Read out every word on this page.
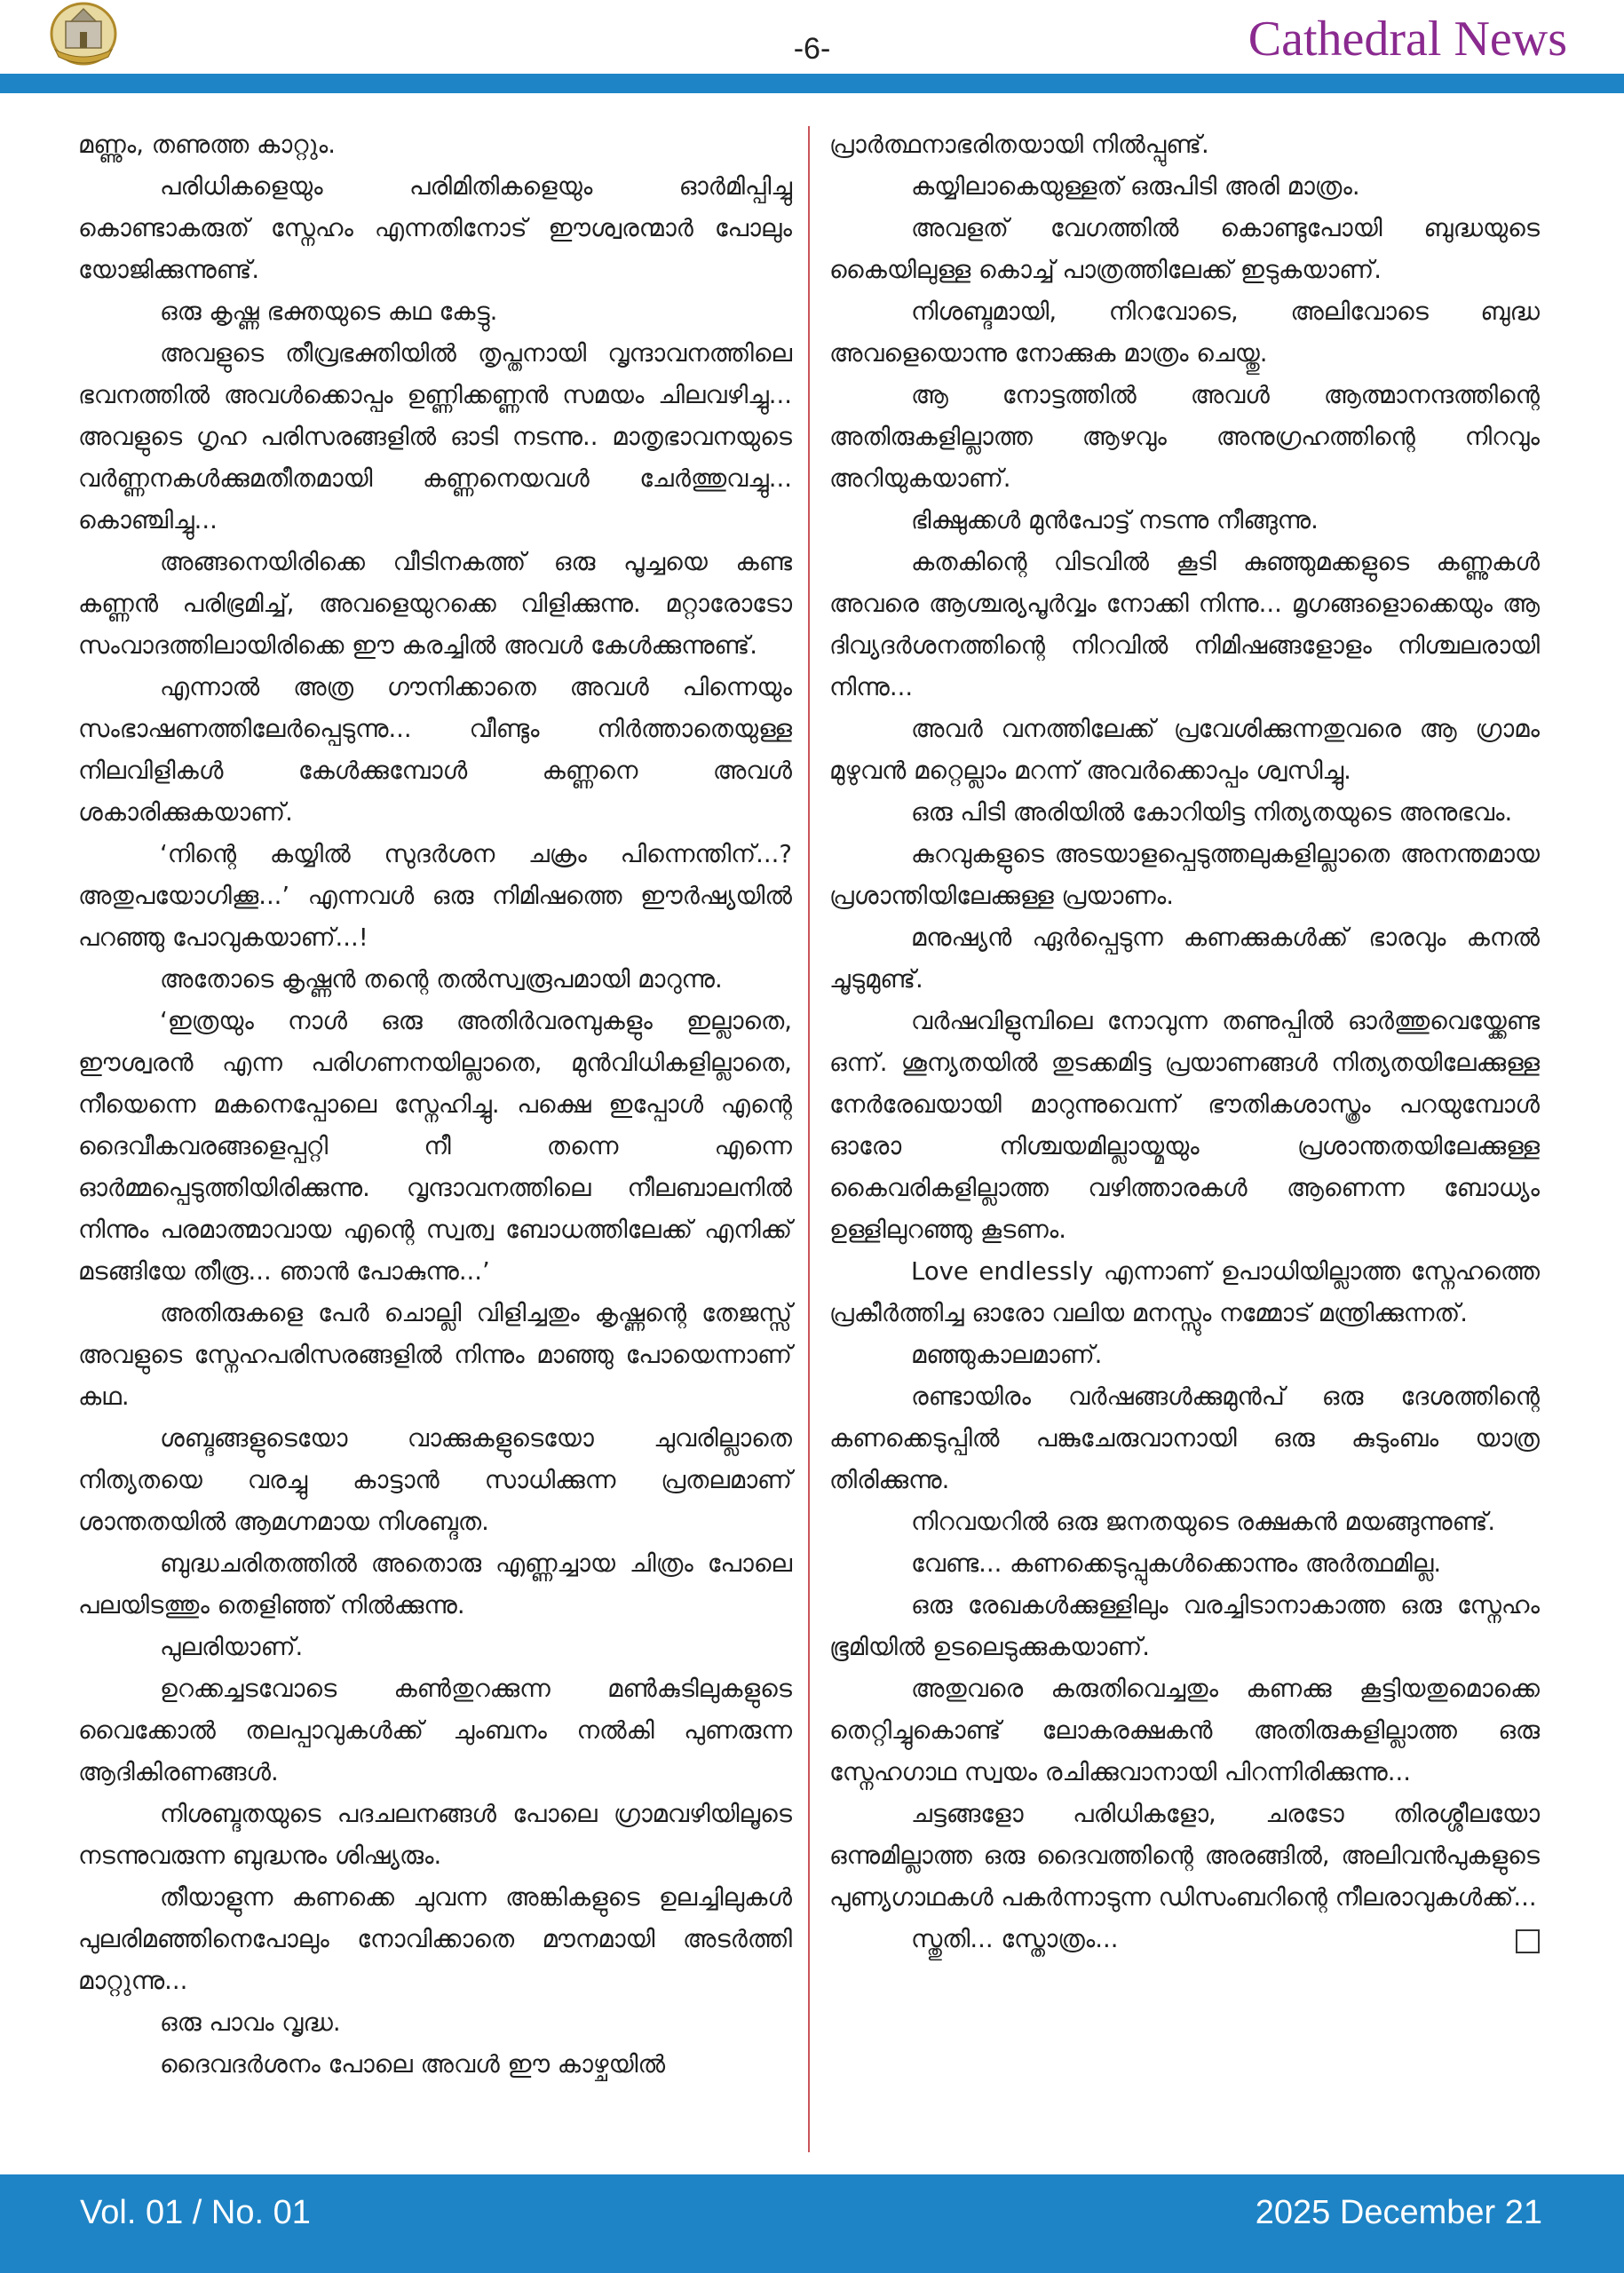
-6-	Cathedral News

മണ്ണും, തണുത്ത കാറ്റും.

പരിധികളെയും പരിമിതികളെയും ഓർമിപ്പിച്ചു കൊണ്ടാകരുത് സ്നേഹം എന്നതിനോട് ഈശ്വരന്മാർ പോലും യോജിക്കുന്നുണ്ട്.

ഒരു കൃഷ്ണ ഭക്തയുടെ കഥ കേട്ടു.

അവളുടെ തീവ്രഭക്തിയിൽ തൃപ്തനായി വൃന്ദാവനത്തിലെ ഭവനത്തിൽ അവൾക്കൊപ്പം ഉണ്ണിക്കണ്ണൻ സമയം ചിലവഴിച്ചു... അവളുടെ ഗൃഹ പരിസരങ്ങളിൽ ഓടി നടന്നു.. മാതൃഭാവനയുടെ വർണ്ണനകൾക്കുമതീതമായി കണ്ണനെയവൾ ചേർത്തുവച്ചു... കൊഞ്ചിച്ചു...

അങ്ങനെയിരിക്കെ വീടിനകത്ത് ഒരു പൂച്ചയെ കണ്ട കണ്ണൻ പരിഭ്രമിച്ച്, അവളെയുറക്കെ വിളിക്കുന്നു. മറ്റാരോടോ സംവാദത്തിലായിരിക്കെ ഈ കരച്ചിൽ അവൾ കേൾക്കുന്നുണ്ട്.

എന്നാൽ അത്ര ഗൗനിക്കാതെ അവൾ പിന്നെയും സംഭാഷണത്തിലേർപ്പെടുന്നു... വീണ്ടും നിർത്താതെയുള്ള നിലവിളികൾ കേൾക്കുമ്പോൾ കണ്ണനെ അവൾ ശകാരിക്കുകയാണ്.

‘നിന്റെ കയ്യിൽ സുദർശന ചക്രം പിന്നെന്തിന്...? അതുപയോഗിക്കൂ...’ എന്നവൾ ഒരു നിമിഷത്തെ ഈർഷ്യയിൽ പറഞ്ഞു പോവുകയാണ്...!

അതോടെ കൃഷ്ണൻ തന്റെ തൽസ്വരൂപമായി മാറുന്നു.

‘ഇത്രയും നാൾ ഒരു അതിർവരമ്പുകളും ഇല്ലാതെ, ഈശ്വരൻ എന്ന പരിഗണനയില്ലാതെ, മുൻവിധികളില്ലാതെ, നീയെന്നെ മകനെപ്പോലെ സ്നേഹിച്ചു. പക്ഷെ ഇപ്പോൾ എന്റെ ദൈവീകവരങ്ങളെപ്പറ്റി നീ തന്നെ എന്നെ ഓർമ്മപ്പെടുത്തിയിരിക്കുന്നു. വൃന്ദാവനത്തിലെ നീലബാലനിൽ നിന്നും പരമാത്മാവായ എന്റെ സ്വത്വ ബോധത്തിലേക്ക് എനിക്ക് മടങ്ങിയേ തീരൂ... ഞാൻ പോകുന്നു...’

അതിരുകളെ പേർ ചൊല്ലി വിളിച്ചതും കൃഷ്ണന്റെ തേജസ്സ് അവളുടെ സ്നേഹപരിസരങ്ങളിൽ നിന്നും മാഞ്ഞു പോയെന്നാണ് കഥ.

ശബ്ദങ്ങളുടെയോ വാക്കുകളുടെയോ ചുവരില്ലാതെ നിത്യതയെ വരച്ചു കാട്ടാൻ സാധിക്കുന്ന പ്രതലമാണ് ശാന്തതയിൽ ആമഗ്നമായ നിശബ്ദത.

ബുദ്ധചരിതത്തിൽ അതൊരു എണ്ണച്ചായ ചിത്രം പോലെ പലയിടത്തും തെളിഞ്ഞ് നിൽക്കുന്നു.

പുലരിയാണ്.

ഉറക്കച്ചടവോടെ കൺതുറക്കുന്ന മൺകുടിലുകളുടെ വൈക്കോൽ തലപ്പാവുകൾക്ക് ചുംബനം നൽകി പുണരുന്ന ആദികിരണങ്ങൾ.

നിശബ്ദതയുടെ പദചലനങ്ങൾ പോലെ ഗ്രാമവഴിയിലൂടെ നടന്നുവരുന്ന ബുദ്ധനും ശിഷ്യരും.

തീയാളുന്ന കണക്കെ ചുവന്ന അങ്കികളുടെ ഉലച്ചിലുകൾ പുലരിമഞ്ഞിനെപോലും നോവിക്കാതെ മൗനമായി അടർത്തി മാറ്റുന്നു...

ഒരു പാവം വൃദ്ധ.

ദൈവദർശനം പോലെ അവൾ ഈ കാഴ്ചയിൽ

പ്രാർത്ഥനാഭരിതയായി നിൽപ്പുണ്ട്.

കയ്യിലാകെയുള്ളത് ഒരുപിടി അരി മാത്രം.

അവളത് വേഗത്തിൽ കൊണ്ടുപോയി ബുദ്ധയുടെ കൈയിലുള്ള കൊച്ച് പാത്രത്തിലേക്ക് ഇടുകയാണ്.

നിശബ്ദമായി, നിറവോടെ, അലിവോടെ ബുദ്ധ അവളെയൊന്നു നോക്കുക മാത്രം ചെയ്തു.

ആ നോട്ടത്തിൽ അവൾ ആത്മാനന്ദത്തിന്റെ അതിരുകളില്ലാത്ത ആഴവും അനുഗ്രഹത്തിന്റെ നിറവും അറിയുകയാണ്.

ഭിക്ഷുക്കൾ മുൻപോട്ട് നടന്നു നീങ്ങുന്നു.

കതകിന്റെ വിടവിൽ കൂടി കുഞ്ഞുമക്കളുടെ കണ്ണുകൾ അവരെ ആശ്ചര്യപൂർവ്വം നോക്കി നിന്നു... മൃഗങ്ങളൊക്കെയും ആ ദിവ്യദർശനത്തിന്റെ നിറവിൽ നിമിഷങ്ങളോളം നിശ്ചലരായി നിന്നു...

അവർ വനത്തിലേക്ക് പ്രവേശിക്കുന്നതുവരെ ആ ഗ്രാമം മുഴുവൻ മറ്റെല്ലാം മറന്ന് അവർക്കൊപ്പം ശ്വസിച്ചു.

ഒരു പിടി അരിയിൽ കോറിയിട്ട നിത്യതയുടെ അനുഭവം.

കുറവുകളുടെ അടയാളപ്പെടുത്തലുകളില്ലാതെ അനന്തമായ പ്രശാന്തിയിലേക്കുള്ള പ്രയാണം.

മനുഷ്യൻ ഏർപ്പെടുന്ന കണക്കുകൾക്ക് ഭാരവും കനൽ ചൂടുമുണ്ട്.

വർഷവിളുമ്പിലെ നോവുന്ന തണുപ്പിൽ ഓർത്തുവെയ്ക്കേണ്ട ഒന്ന്. ശൂന്യതയിൽ തുടക്കമിട്ട പ്രയാണങ്ങൾ നിത്യതയിലേക്കുള്ള നേർരേഖയായി മാറുന്നുവെന്ന് ഭൗതികശാസ്ത്രം പറയുമ്പോൾ ഓരോ നിശ്ചയമില്ലായ്മയും പ്രശാന്തതയിലേക്കുള്ള കൈവരികളില്ലാത്ത വഴിത്താരകൾ ആണെന്ന ബോധ്യം ഉള്ളിലുറഞ്ഞു കൂടണം.

Love endlessly എന്നാണ് ഉപാധിയില്ലാത്ത സ്നേഹത്തെ പ്രകീർത്തിച്ച ഓരോ വലിയ മനസ്സും നമ്മോട് മന്ത്രിക്കുന്നത്.

മഞ്ഞുകാലമാണ്.

രണ്ടായിരം വർഷങ്ങൾക്കുമുൻപ് ഒരു ദേശത്തിന്റെ കണക്കെടുപ്പിൽ പങ്കുചേരുവാനായി ഒരു കുടുംബം യാത്ര തിരിക്കുന്നു.

നിറവയറിൽ ഒരു ജനതയുടെ രക്ഷകൻ മയങ്ങുന്നുണ്ട്.

വേണ്ട... കണക്കെടുപ്പുകൾക്കൊന്നും അർത്ഥമില്ല.

ഒരു രേഖകൾക്കുള്ളിലും വരച്ചിടാനാകാത്ത ഒരു സ്നേഹം ഭൂമിയിൽ ഉടലെടുക്കുകയാണ്.

അതുവരെ കരുതിവെച്ചതും കണക്കു കൂട്ടിയതുമൊക്കെ തെറ്റിച്ചുകൊണ്ട് ലോകരക്ഷകൻ അതിരുകളില്ലാത്ത ഒരു സ്നേഹഗാഥ സ്വയം രചിക്കുവാനായി പിറന്നിരിക്കുന്നു...

ചട്ടങ്ങളോ പരിധികളോ, ചരടോ തിരശ്ശീലയോ ഒന്നുമില്ലാത്ത ഒരു ദൈവത്തിന്റെ അരങ്ങിൽ, അലിവൻപുകളുടെ പുണ്യഗാഥകൾ പകർന്നാടുന്ന ഡിസംബറിന്റെ നീലരാവുകൾക്ക്...

സ്തുതി... സ്തോത്രം...

Vol. 01 / No. 01	2025 December 21
